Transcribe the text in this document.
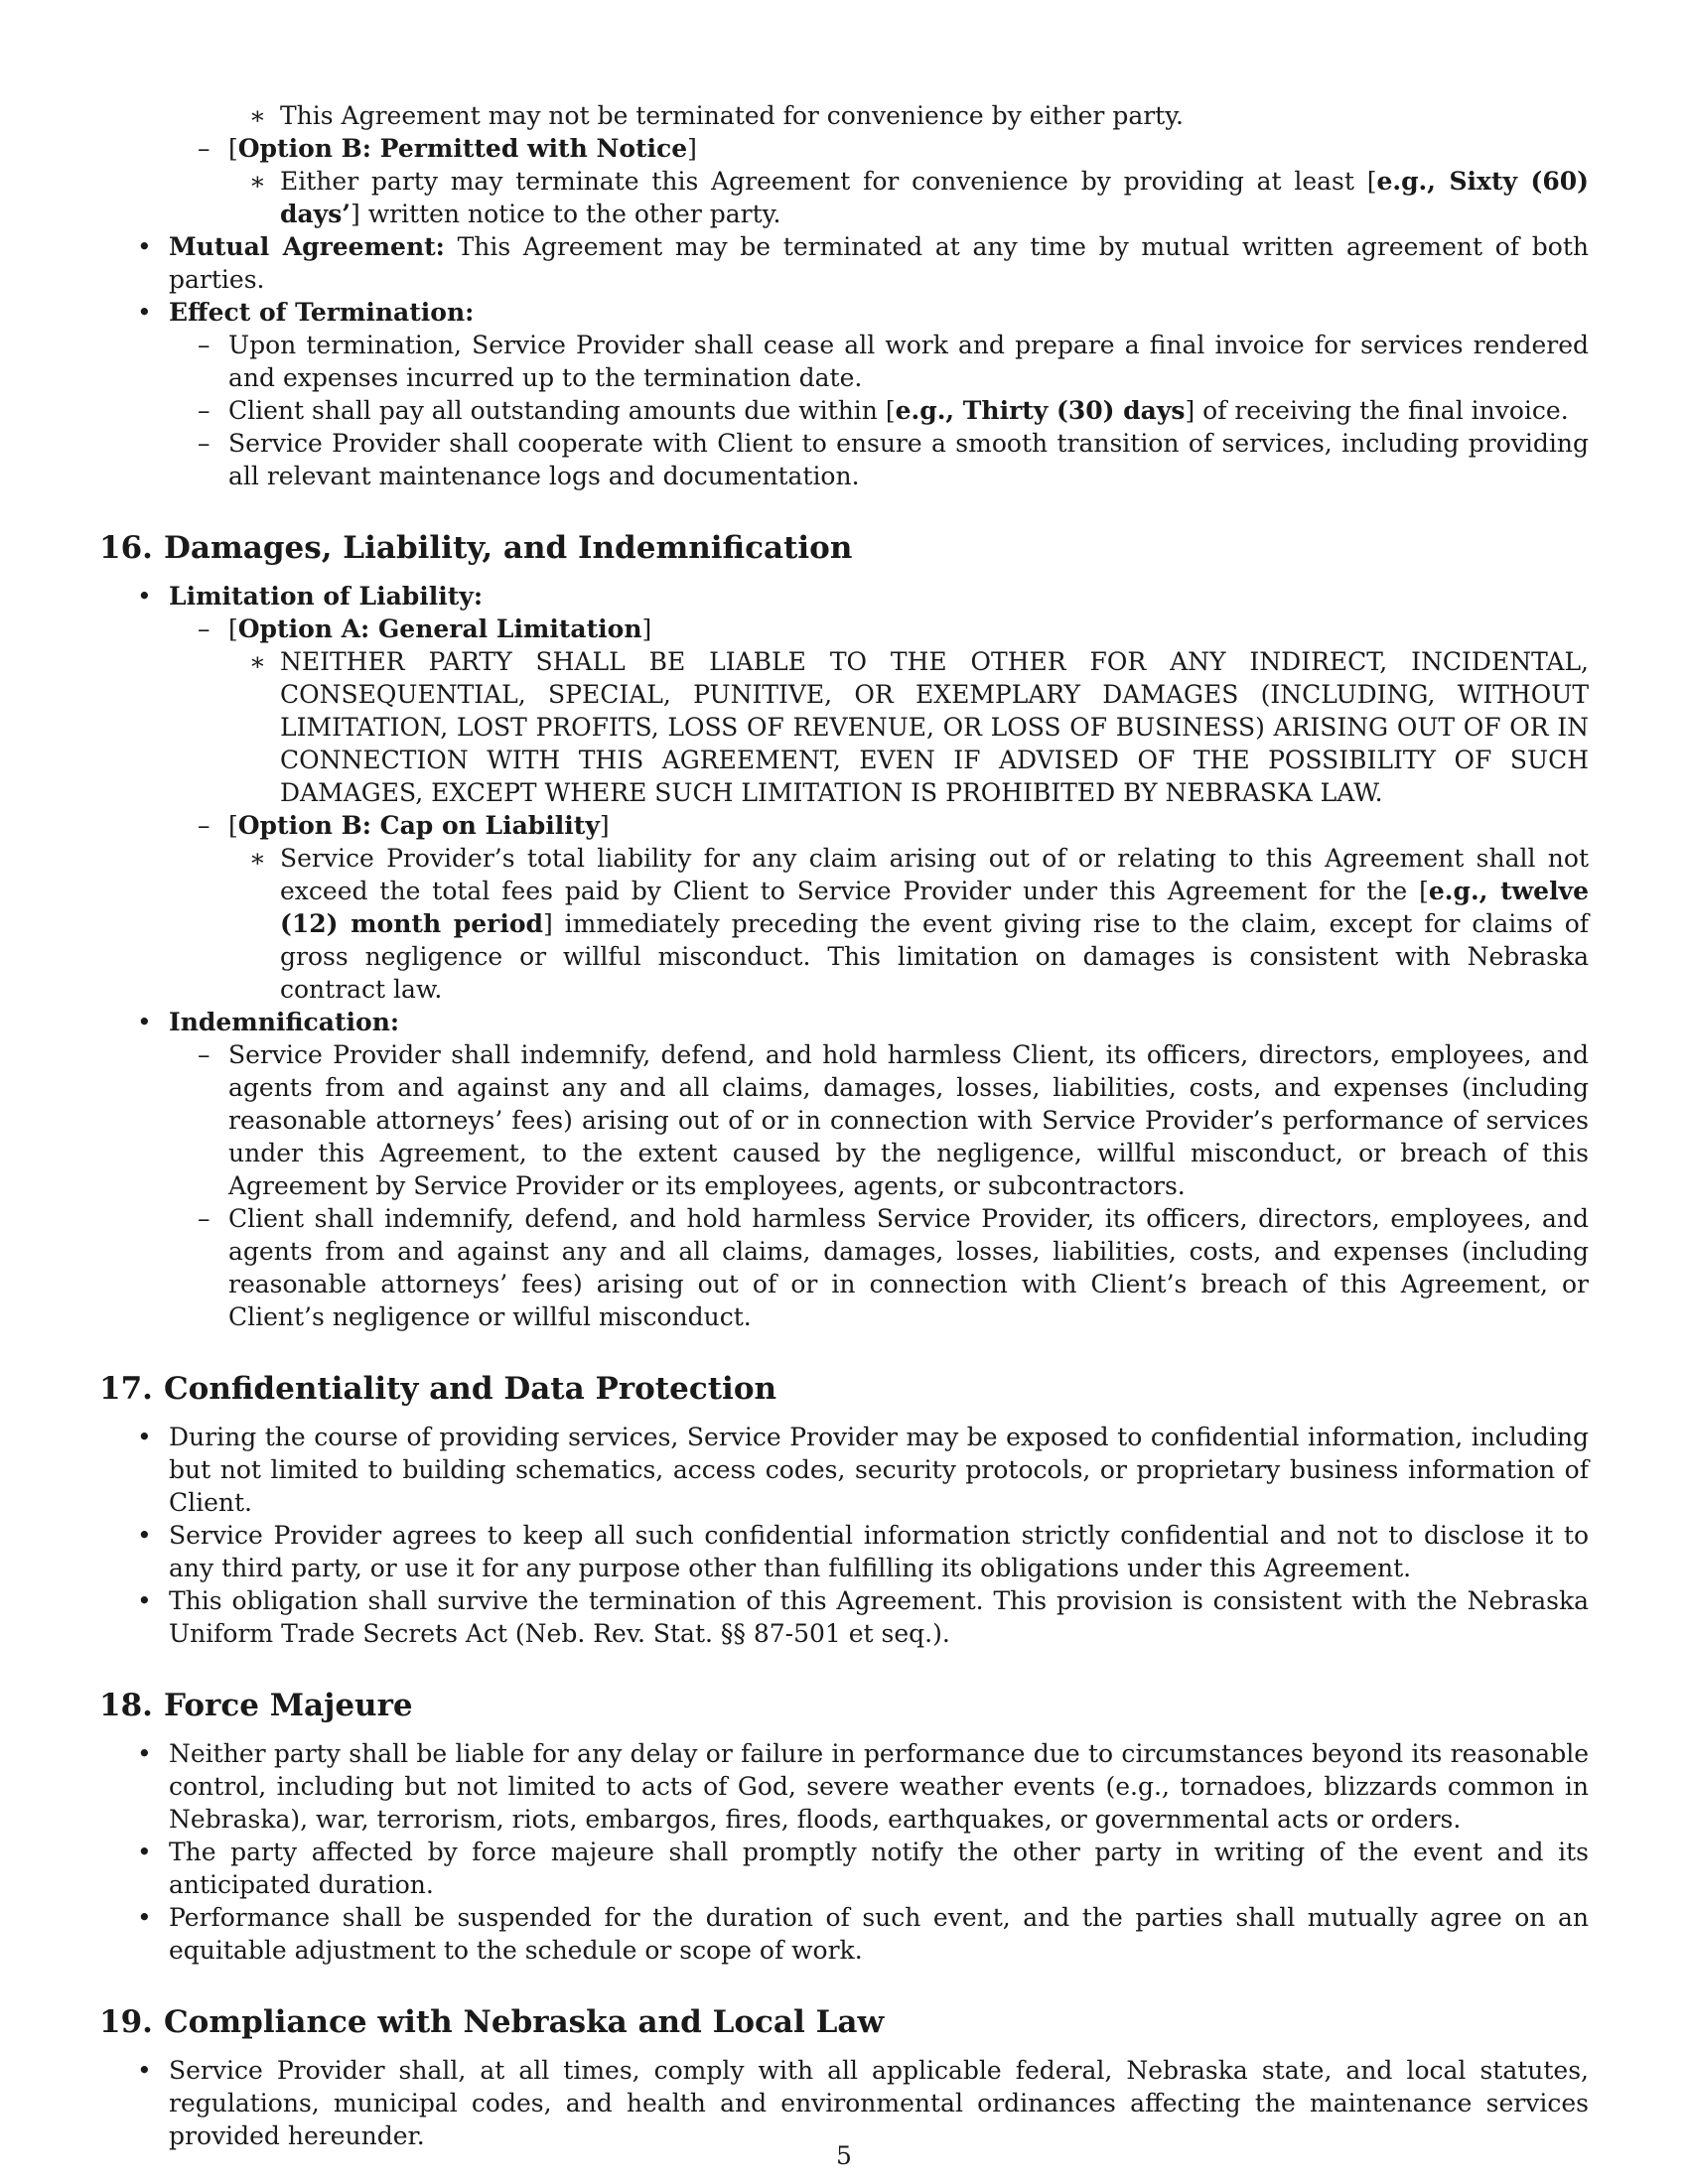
∗ This Agreement may not be terminated for convenience by either party.

– [Option B: Permitted with Notice]

∗ Either party may terminate this Agreement for convenience by providing at least [e.g., Sixty (60) days’] written notice to the other party.

• Mutual Agreement: This Agreement may be terminated at any time by mutual written agreement of both parties.

• Effect of Termination:

– Upon termination, Service Provider shall cease all work and prepare a final invoice for services rendered and expenses incurred up to the termination date.

– Client shall pay all outstanding amounts due within [e.g., Thirty (30) days] of receiving the final invoice.

– Service Provider shall cooperate with Client to ensure a smooth transition of services, including providing all relevant maintenance logs and documentation.

16. Damages, Liability, and Indemnification

• Limitation of Liability:

– [Option A: General Limitation]

∗ NEITHER PARTY SHALL BE LIABLE TO THE OTHER FOR ANY INDIRECT, INCIDENTAL, CONSEQUENTIAL, SPECIAL, PUNITIVE, OR EXEMPLARY DAMAGES (INCLUDING, WITHOUT LIMITATION, LOST PROFITS, LOSS OF REVENUE, OR LOSS OF BUSINESS) ARISING OUT OF OR IN CONNECTION WITH THIS AGREEMENT, EVEN IF ADVISED OF THE POSSIBILITY OF SUCH DAMAGES, EXCEPT WHERE SUCH LIMITATION IS PROHIBITED BY NEBRASKA LAW.

– [Option B: Cap on Liability]

∗ Service Provider’s total liability for any claim arising out of or relating to this Agreement shall not exceed the total fees paid by Client to Service Provider under this Agreement for the [e.g., twelve (12) month period] immediately preceding the event giving rise to the claim, except for claims of gross negligence or willful misconduct. This limitation on damages is consistent with Nebraska contract law.

• Indemnification:

– Service Provider shall indemnify, defend, and hold harmless Client, its officers, directors, employees, and agents from and against any and all claims, damages, losses, liabilities, costs, and expenses (including reasonable attorneys’ fees) arising out of or in connection with Service Provider’s performance of services under this Agreement, to the extent caused by the negligence, willful misconduct, or breach of this Agreement by Service Provider or its employees, agents, or subcontractors.

– Client shall indemnify, defend, and hold harmless Service Provider, its officers, directors, employees, and agents from and against any and all claims, damages, losses, liabilities, costs, and expenses (including reasonable attorneys’ fees) arising out of or in connection with Client’s breach of this Agreement, or Client’s negligence or willful misconduct.

17. Confidentiality and Data Protection

• During the course of providing services, Service Provider may be exposed to confidential information, including but not limited to building schematics, access codes, security protocols, or proprietary business information of Client.

• Service Provider agrees to keep all such confidential information strictly confidential and not to disclose it to any third party, or use it for any purpose other than fulfilling its obligations under this Agreement.

• This obligation shall survive the termination of this Agreement. This provision is consistent with the Nebraska Uniform Trade Secrets Act (Neb. Rev. Stat. §§ 87-501 et seq.).

18. Force Majeure

• Neither party shall be liable for any delay or failure in performance due to circumstances beyond its reasonable control, including but not limited to acts of God, severe weather events (e.g., tornadoes, blizzards common in Nebraska), war, terrorism, riots, embargos, fires, floods, earthquakes, or governmental acts or orders.

• The party affected by force majeure shall promptly notify the other party in writing of the event and its anticipated duration.

• Performance shall be suspended for the duration of such event, and the parties shall mutually agree on an equitable adjustment to the schedule or scope of work.

19. Compliance with Nebraska and Local Law

• Service Provider shall, at all times, comply with all applicable federal, Nebraska state, and local statutes, regulations, municipal codes, and health and environmental ordinances affecting the maintenance services provided hereunder.

5
